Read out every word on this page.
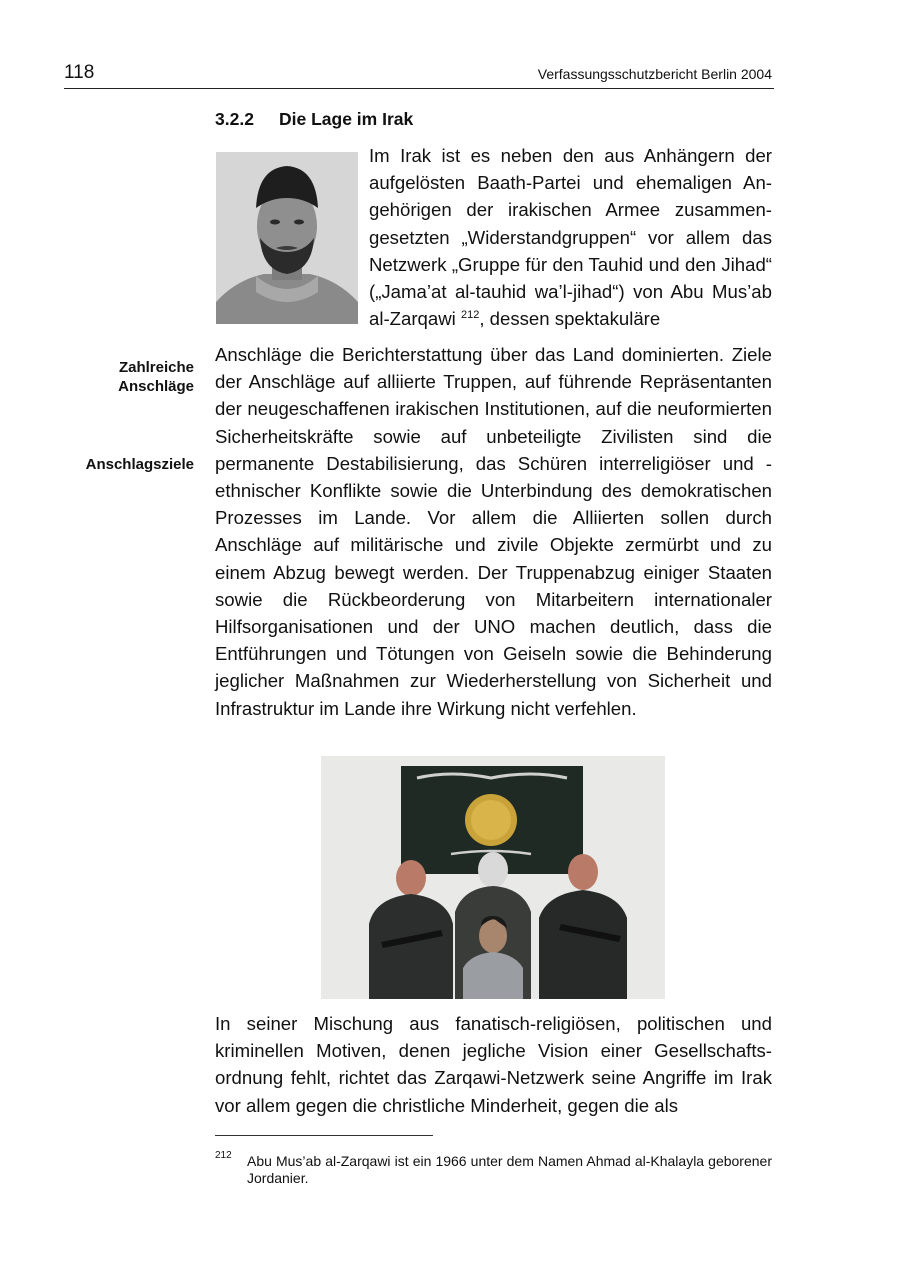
118	Verfassungsschutzbericht Berlin 2004
3.2.2 Die Lage im Irak
Im Irak ist es neben den aus Anhängern der aufgelösten Baath-Partei und ehemaligen Angehörigen der irakischen Armee zusammengesetzten „Widerstandgruppen“ vor allem das Netzwerk „Gruppe für den Tauhid und den Jihad“ („Jama’at al-tauhid wa’l-jihad“) von Abu Mus’ab al-Zarqawi $^{212}$, dessen spektakuläre
Zahlreiche
Anschläge
Anschlagsziele
Anschläge die Berichterstattung über das Land dominierten. Ziele der Anschläge auf alliierte Truppen, auf führende Repräsentanten der neugeschaffenen irakischen Institutionen, auf die neuformierten Sicherheitskräfte sowie auf unbeteiligte Zivilisten sind die permanente Destabilisierung, das Schüren interreligiöser und -ethnischer Konflikte sowie die Unterbindung des demokratischen Prozesses im Lande. Vor allem die Alliierten sollen durch Anschläge auf militärische und zivile Objekte zermürbt und zu einem Abzug bewegt werden. Der Truppenabzug einiger Staaten sowie die Rückbeorderung von Mitarbeitern internationaler Hilfsorganisationen und der UNO machen deutlich, dass die Entführungen und Tötungen von Geiseln sowie die Behinderung jeglicher Maßnahmen zur Wiederherstellung von Sicherheit und Infrastruktur im Lande ihre Wirkung nicht verfehlen.
In seiner Mischung aus fanatisch-religiösen, politischen und kriminellen Motiven, denen jegliche Vision einer Gesellschaftsordnung fehlt, richtet das Zarqawi-Netzwerk seine Angriffe im Irak vor allem gegen die christliche Minderheit, gegen die als
212 Abu Mus’ab al-Zarqawi ist ein 1966 unter dem Namen Ahmad al-Khalayla geborener Jordanier.
